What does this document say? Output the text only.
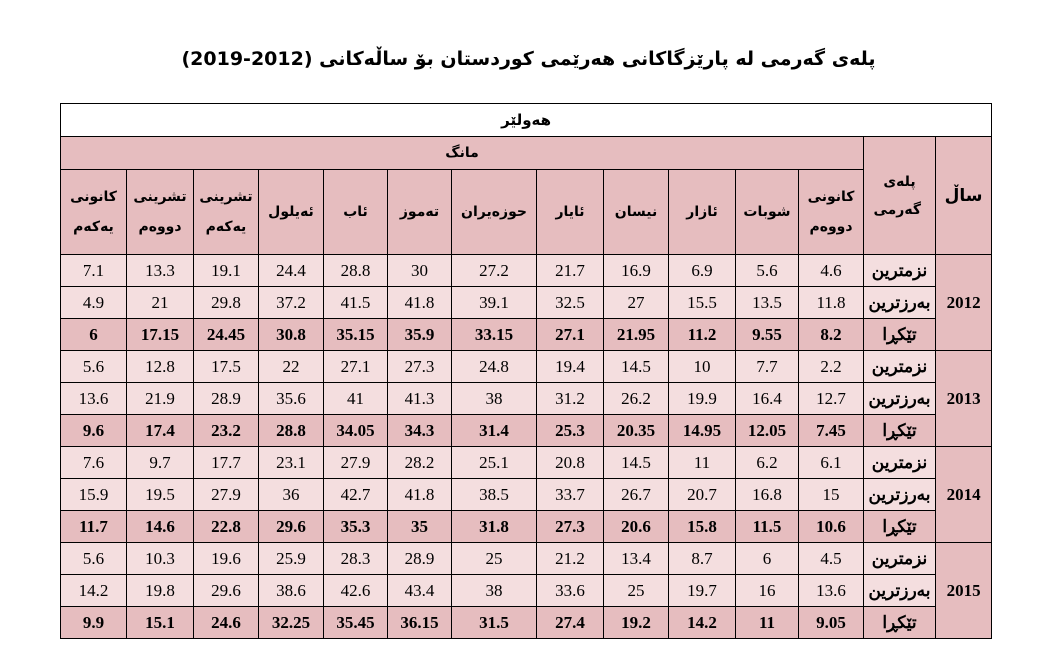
پلەی گەرمی لە پارێزگاکانی هەرێمی کوردستان بۆ ساڵەکانی (2012-2019)
هەولێر													
مانگ												پلەی گەرمی	ساڵ
کانونی یەکەم	تشرینی دووەم	تشرینی یەکەم	ئەیلول	ئاب	تەموز	حوزەیران	ئایار	نیسان	ئازار	شوبات	کانونی دووەم		
7.1	13.3	19.1	24.4	28.8	30	27.2	21.7	16.9	6.9	5.6	4.6	نزمترین	2012
4.9	21	29.8	37.2	41.5	41.8	39.1	32.5	27	15.5	13.5	11.8	بەرزترین	
6	17.15	24.45	30.8	35.15	35.9	33.15	27.1	21.95	11.2	9.55	8.2	تێکڕا	
5.6	12.8	17.5	22	27.1	27.3	24.8	19.4	14.5	10	7.7	2.2	نزمترین	2013
13.6	21.9	28.9	35.6	41	41.3	38	31.2	26.2	19.9	16.4	12.7	بەرزترین	
9.6	17.4	23.2	28.8	34.05	34.3	31.4	25.3	20.35	14.95	12.05	7.45	تێکڕا	
7.6	9.7	17.7	23.1	27.9	28.2	25.1	20.8	14.5	11	6.2	6.1	نزمترین	2014
15.9	19.5	27.9	36	42.7	41.8	38.5	33.7	26.7	20.7	16.8	15	بەرزترین	
11.7	14.6	22.8	29.6	35.3	35	31.8	27.3	20.6	15.8	11.5	10.6	تێکڕا	
5.6	10.3	19.6	25.9	28.3	28.9	25	21.2	13.4	8.7	6	4.5	نزمترین	2015
14.2	19.8	29.6	38.6	42.6	43.4	38	33.6	25	19.7	16	13.6	بەرزترین	
9.9	15.1	24.6	32.25	35.45	36.15	31.5	27.4	19.2	14.2	11	9.05	تێکڕا	
